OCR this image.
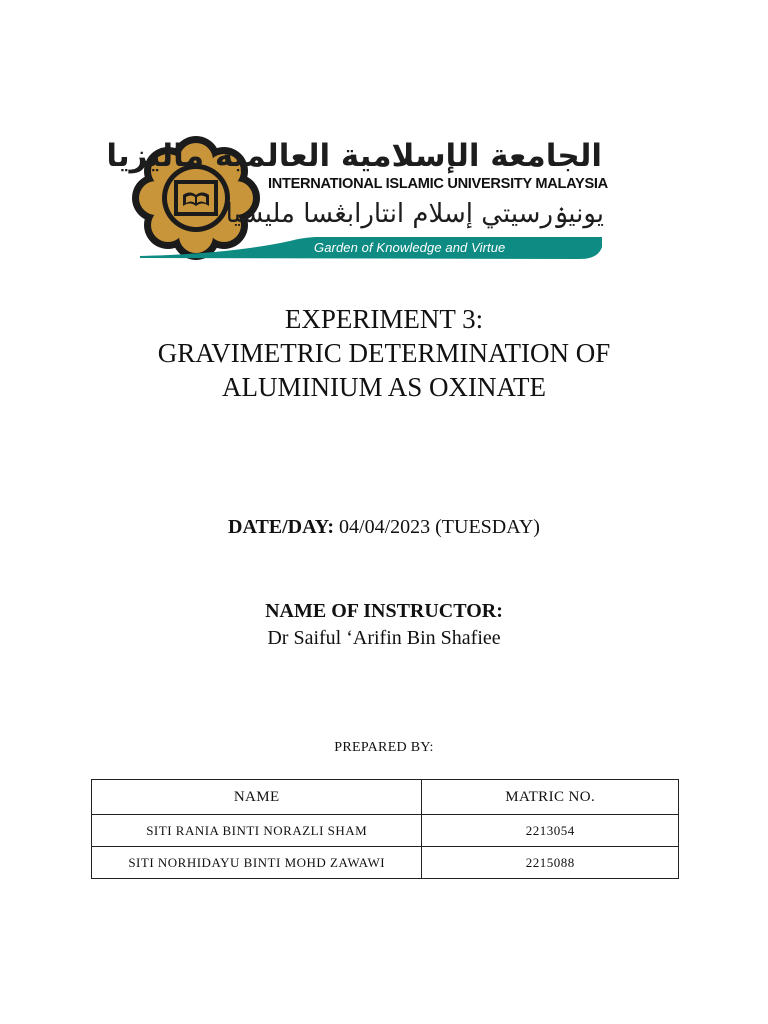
الجامعة الإسلامية العالمية ماليزيا
INTERNATIONAL ISLAMIC UNIVERSITY MALAYSIA
يونيۏرسيتي إسلام انتارابڠسا مليسيا
Garden of Knowledge and Virtue
EXPERIMENT 3:
GRAVIMETRIC DETERMINATION OF
ALUMINIUM AS OXINATE
DATE/DAY: 04/04/2023 (TUESDAY)
NAME OF INSTRUCTOR:
Dr Saiful ‘Arifin Bin Shafiee
PREPARED BY:
NAME	MATRIC NO.
SITI RANIA BINTI NORAZLI SHAM	2213054
SITI NORHIDAYU BINTI MOHD ZAWAWI	2215088
